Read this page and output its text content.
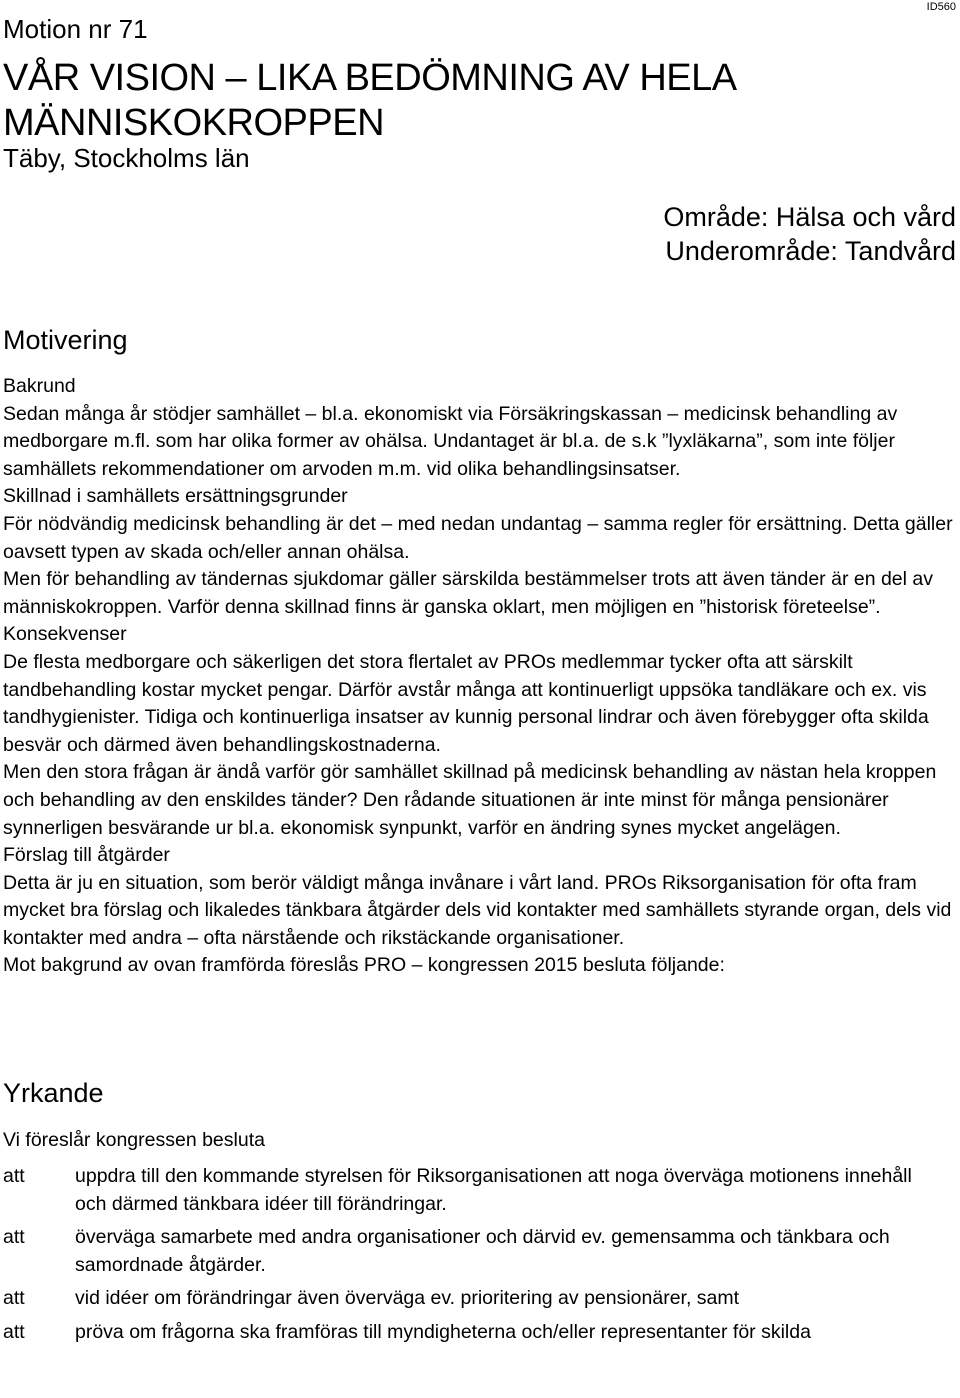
ID560
Motion nr 71
VÅR VISION – LIKA BEDÖMNING AV HELA MÄNNISKOKROPPEN
Täby, Stockholms län
Område: Hälsa och vård
Underområde: Tandvård
Motivering

Bakrund

Sedan många år stödjer samhället – bl.a. ekonomiskt via Försäkringskassan – medicinsk behandling av medborgare m.fl. som har olika former av ohälsa. Undantaget är bl.a. de s.k ”lyxläkarna”, som inte följer samhällets rekommendationer om arvoden m.m. vid olika behandlingsinsatser.

Skillnad i samhällets ersättningsgrunder

För nödvändig medicinsk behandling är det – med nedan undantag – samma regler för ersättning. Detta gäller oavsett typen av skada och/eller annan ohälsa.

Men för behandling av tändernas sjukdomar gäller särskilda bestämmelser trots att även tänder är en del av människokroppen. Varför denna skillnad finns är ganska oklart, men möjligen en ”historisk företeelse”.

Konsekvenser

De flesta medborgare och säkerligen det stora flertalet av PROs medlemmar tycker ofta att särskilt tandbehandling kostar mycket pengar. Därför avstår många att kontinuerligt uppsöka tandläkare och ex. vis tandhygienister. Tidiga och kontinuerliga insatser av kunnig personal lindrar och även förebygger ofta skilda besvär och därmed även behandlingskostnaderna.

Men den stora frågan är ändå varför gör samhället skillnad på medicinsk behandling av nästan hela kroppen och behandling av den enskildes tänder? Den rådande situationen är inte minst för många pensionärer synnerligen besvärande ur bl.a. ekonomisk synpunkt, varför en ändring synes mycket angelägen.

Förslag till åtgärder

Detta är ju en situation, som berör väldigt många invånare i vårt land. PROs Riksorganisation för ofta fram mycket bra förslag och likaledes tänkbara åtgärder dels vid kontakter med samhällets styrande organ, dels vid kontakter med andra – ofta närstående och rikstäckande organisationer.

Mot bakgrund av ovan framförda föreslås PRO – kongressen 2015 besluta följande:

Yrkande
Vi föreslår kongressen besluta
att	uppdra till den kommande styrelsen för Riksorganisationen att noga överväga motionens innehåll

och därmed tänkbara idéer till förändringar.

att	överväga samarbete med andra organisationer och därvid ev. gemensamma och tänkbara och

samordnade åtgärder.

att	vid idéer om förändringar även överväga ev. prioritering av pensionärer, samt

att	pröva om frågorna ska framföras till myndigheterna och/eller representanter för skilda
